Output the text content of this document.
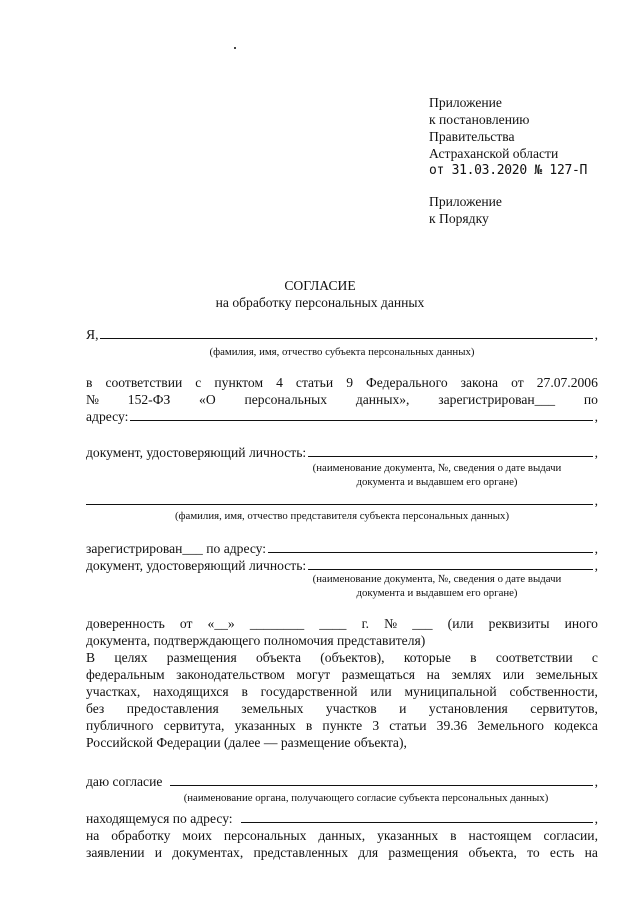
Приложение
к постановлению
Правительства
Астраханской области
от 31.03.2020 № 127-П
Приложение
к Порядку
СОГЛАСИЕ
на обработку персональных данных
Я,	,
(фамилия, имя, отчество субъекта персональных данных)
в соответствии с пунктом 4 статьи 9 Федерального закона от 27.07.2006
№ 152-ФЗ «О персональных данных», зарегистрирован___ по
адресу:	,
документ, удостоверяющий личность:	,
(наименование документа, №, сведения о дате выдачи
документа и выдавшем его органе)
,
(фамилия, имя, отчество представителя субъекта персональных данных)
зарегистрирован___ по адресу:	,
документ, удостоверяющий личность:	,
(наименование документа, №, сведения о дате выдачи
документа и выдавшем его органе)
доверенность от «__» ________ ____ г. № ___ (или реквизиты иного
документа, подтверждающего полномочия представителя)
В целях размещения объекта (объектов), которые в соответствии с
федеральным законодательством могут размещаться на землях или земельных
участках, находящихся в государственной или муниципальной собственности,
без предоставления земельных участков и установления сервитутов,
публичного сервитута, указанных в пункте 3 статьи 39.36 Земельного кодекса
Российской Федерации (далее — размещение объекта),
даю согласие	,
(наименование органа, получающего согласие субъекта персональных данных)
находящемуся по адресу:	,
на обработку моих персональных данных, указанных в настоящем согласии,
заявлении и документах, представленных для размещения объекта, то есть на
